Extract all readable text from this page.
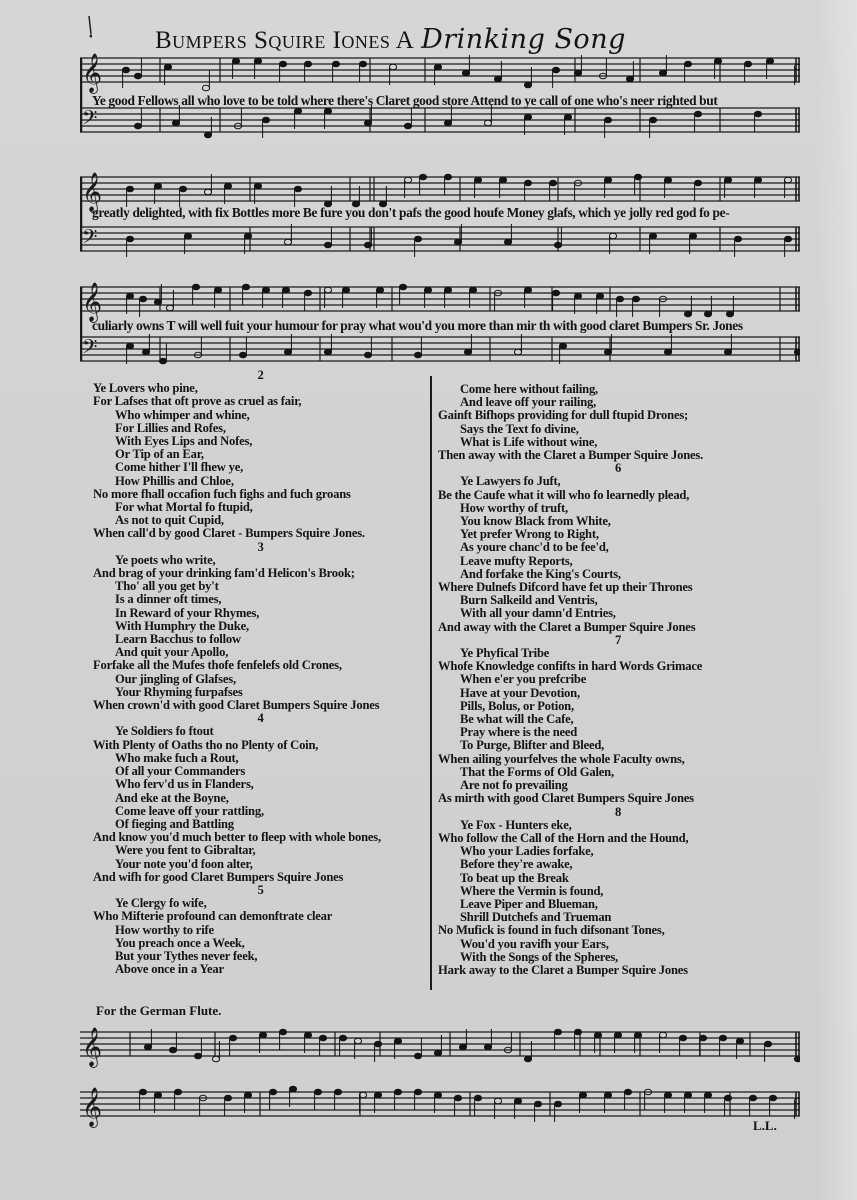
Bumpers Squire Iones A Drinking Song
𝄞
𝄢
𝄞
𝄢
𝄞
𝄢
𝄞
𝄞
Ye good Fellows all who love to be told where there's Claret good store Attend to ye call of one who's neer righted but
greatly delighted, with fix Bottles more Be fure you don't pafs the good houfe Money glafs, which ye jolly red god fo pe-
culiarly owns T will well fuit your humour for pray what wou'd you more than mir th with good claret Bumpers Sr. Jones
2
Ye Lovers who pine,
For Lafses that oft prove as cruel as fair,
Who whimper and whine,
For Lillies and Rofes,
With Eyes Lips and Nofes,
Or Tip of an Ear,
Come hither I'll fhew ye,
How Phillis and Chloe,
No more fhall occafion fuch fighs and fuch groans
For what Mortal fo ftupid,
As not to quit Cupid,
When call'd by good Claret - Bumpers Squire Jones.
3
Ye poets who write,
And brag of your drinking fam'd Helicon's Brook;
Tho' all you get by't
Is a dinner oft times,
In Reward of your Rhymes,
With Humphry the Duke,
Learn Bacchus to follow
And quit your Apollo,
Forfake all the Mufes thofe fenfelefs old Crones,
Our jingling of Glafses,
Your Rhyming furpafses
When crown'd with good Claret Bumpers Squire Jones
4
Ye Soldiers fo ftout
With Plenty of Oaths tho no Plenty of Coin,
Who make fuch a Rout,
Of all your Commanders
Who ferv'd us in Flanders,
And eke at the Boyne,
Come leave off your rattling,
Of fieging and Battling
And know you'd much better to fleep with whole bones,
Were you fent to Gibraltar,
Your note you'd foon alter,
And wifh for good Claret Bumpers Squire Jones
5
Ye Clergy fo wife,
Who Mifterie profound can demonftrate clear
How worthy to rife
You preach once a Week,
But your Tythes never feek,
Above once in a Year
Come here without failing,
And leave off your railing,
Gainft Bifhops providing for dull ftupid Drones;
Says the Text fo divine,
What is Life without wine,
Then away with the Claret a Bumper Squire Jones.
6
Ye Lawyers fo Juft,
Be the Caufe what it will who fo learnedly plead,
How worthy of truft,
You know Black from White,
Yet prefer Wrong to Right,
As youre chanc'd to be fee'd,
Leave mufty Reports,
And forfake the King's Courts,
Where Dulnefs Difcord have fet up their Thrones
Burn Salkeild and Ventris,
With all your damn'd Entries,
And away with the Claret a Bumper Squire Jones
7
Ye Phyfical Tribe
Whofe Knowledge confifts in hard Words Grimace
When e'er you prefcribe
Have at your Devotion,
Pills, Bolus, or Potion,
Be what will the Cafe,
Pray where is the need
To Purge, Blifter and Bleed,
When ailing yourfelves the whole Faculty owns,
That the Forms of Old Galen,
Are not fo prevailing
As mirth with good Claret Bumpers Squire Jones
8
Ye Fox - Hunters eke,
Who follow the Call of the Horn and the Hound,
Who your Ladies forfake,
Before they're awake,
To beat up the Break
Where the Vermin is found,
Leave Piper and Blueman,
Shrill Dutchefs and Trueman
No Mufick is found in fuch difsonant Tones,
Wou'd you ravifh your Ears,
With the Songs of the Spheres,
Hark away to the Claret a Bumper Squire Jones
For the German Flute.
L.L.
